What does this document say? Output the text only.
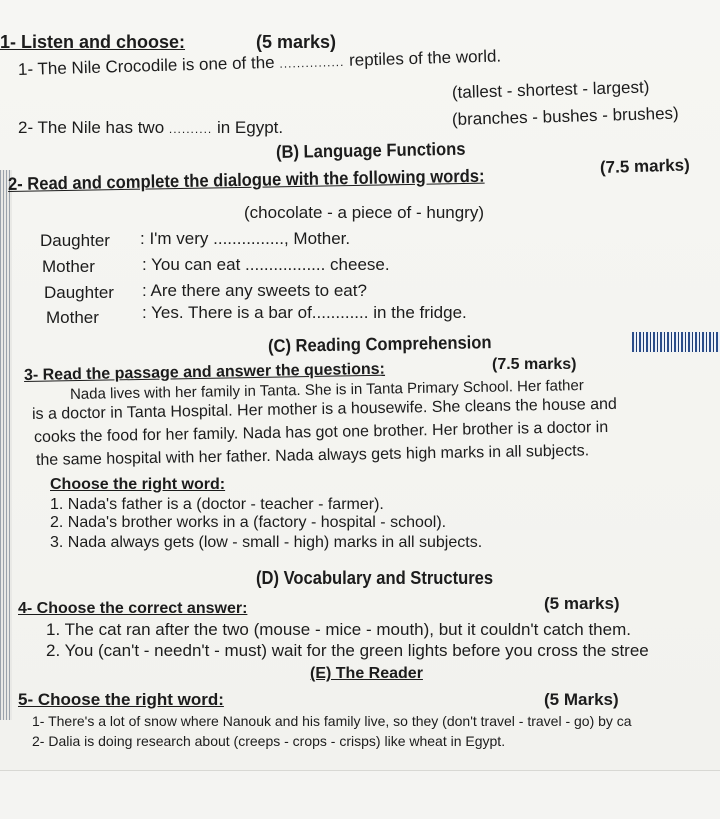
1- Listen and choose:	(5 marks)
1- The Nile Crocodile is one of the ............... reptiles of the world.
(tallest - shortest - largest)
2- The Nile has two .......... in Egypt.	(branches - bushes - brushes)
(B) Language Functions
2- Read and complete the dialogue with the following words:	(7.5 marks)
(chocolate - a piece of - hungry)
Daughter : I'm very ..............., Mother.
Mother	: You can eat ................. cheese.
Daughter : Are there any sweets to eat?
Mother	: Yes. There is a bar of............ in the fridge.
(C) Reading Comprehension
3- Read the passage and answer the questions:	(7.5 marks)
Nada lives with her family in Tanta. She is in Tanta Primary School. Her father
is a doctor in Tanta Hospital. Her mother is a housewife. She cleans the house and
cooks the food for her family. Nada has got one brother. Her brother is a doctor in
the same hospital with her father. Nada always gets high marks in all subjects.
Choose the right word:
1. Nada's father is a (doctor - teacher - farmer).
2. Nada's brother works in a (factory - hospital - school).
3. Nada always gets (low - small - high) marks in all subjects.
(D) Vocabulary and Structures
4- Choose the correct answer:	(5 marks)
1. The cat ran after the two (mouse - mice - mouth), but it couldn't catch them.
2. You (can't - needn't - must) wait for the green lights before you cross the stree
(E) The Reader
5- Choose the right word:	(5 Marks)
1- There's a lot of snow where Nanouk and his family live, so they (don't travel - travel - go) by ca
2- Dalia is doing research about (creeps - crops - crisps) like wheat in Egypt.
